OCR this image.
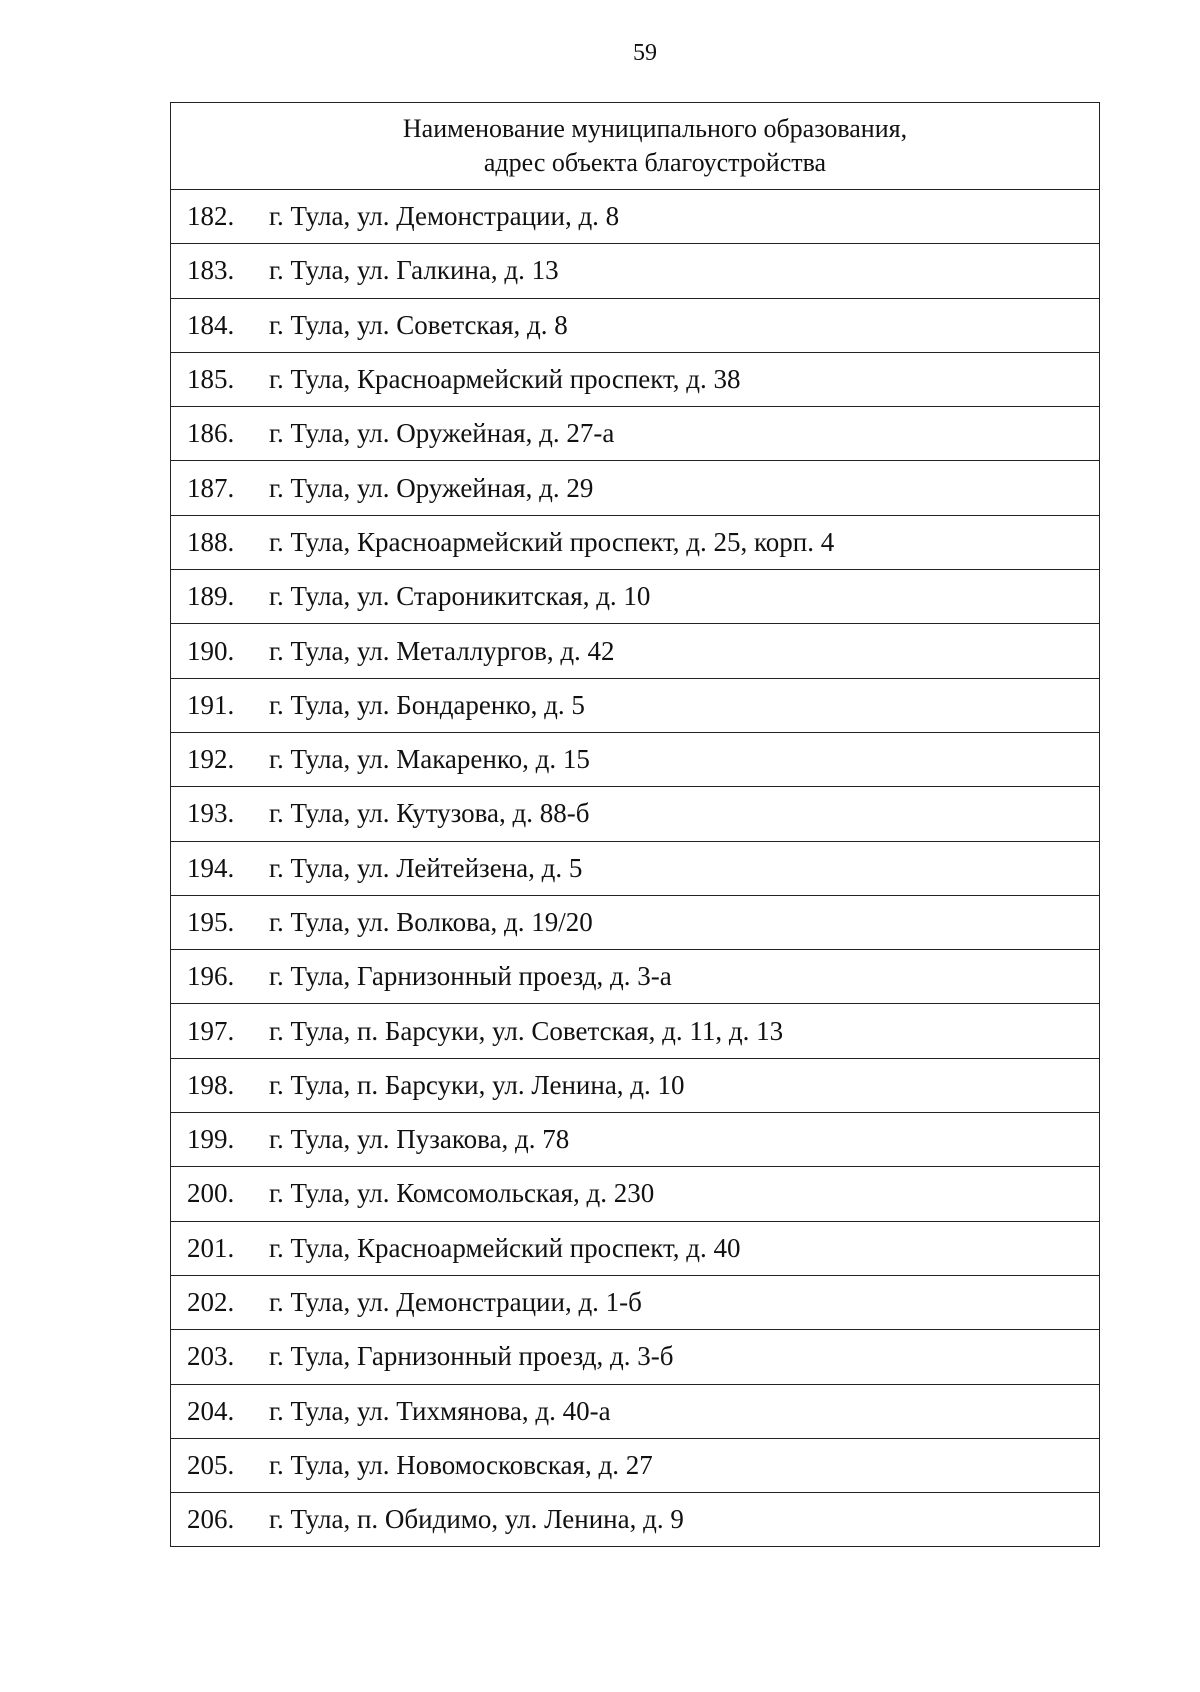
59
Наименование муниципального образования,
адрес объекта благоустройства
182.	г. Тула, ул. Демонстрации, д. 8
183.	г. Тула, ул. Галкина, д. 13
184.	г. Тула, ул. Советская, д. 8
185.	г. Тула, Красноармейский проспект, д. 38
186.	г. Тула, ул. Оружейная, д. 27-а
187.	г. Тула, ул. Оружейная, д. 29
188.	г. Тула, Красноармейский проспект, д. 25, корп. 4
189.	г. Тула, ул. Староникитская, д. 10
190.	г. Тула, ул. Металлургов, д. 42
191.	г. Тула, ул. Бондаренко, д. 5
192.	г. Тула, ул. Макаренко, д. 15
193.	г. Тула, ул. Кутузова, д. 88-б
194.	г. Тула, ул. Лейтейзена, д. 5
195.	г. Тула, ул. Волкова, д. 19/20
196.	г. Тула, Гарнизонный проезд, д. 3-а
197.	г. Тула, п. Барсуки, ул. Советская, д. 11, д. 13
198.	г. Тула, п. Барсуки, ул. Ленина, д. 10
199.	г. Тула, ул. Пузакова, д. 78
200.	г. Тула, ул. Комсомольская, д. 230
201.	г. Тула, Красноармейский проспект, д. 40
202.	г. Тула, ул. Демонстрации, д. 1-б
203.	г. Тула, Гарнизонный проезд, д. 3-б
204.	г. Тула, ул. Тихмянова, д. 40-а
205.	г. Тула, ул. Новомосковская, д. 27
206.	г. Тула, п. Обидимо, ул. Ленина, д. 9
